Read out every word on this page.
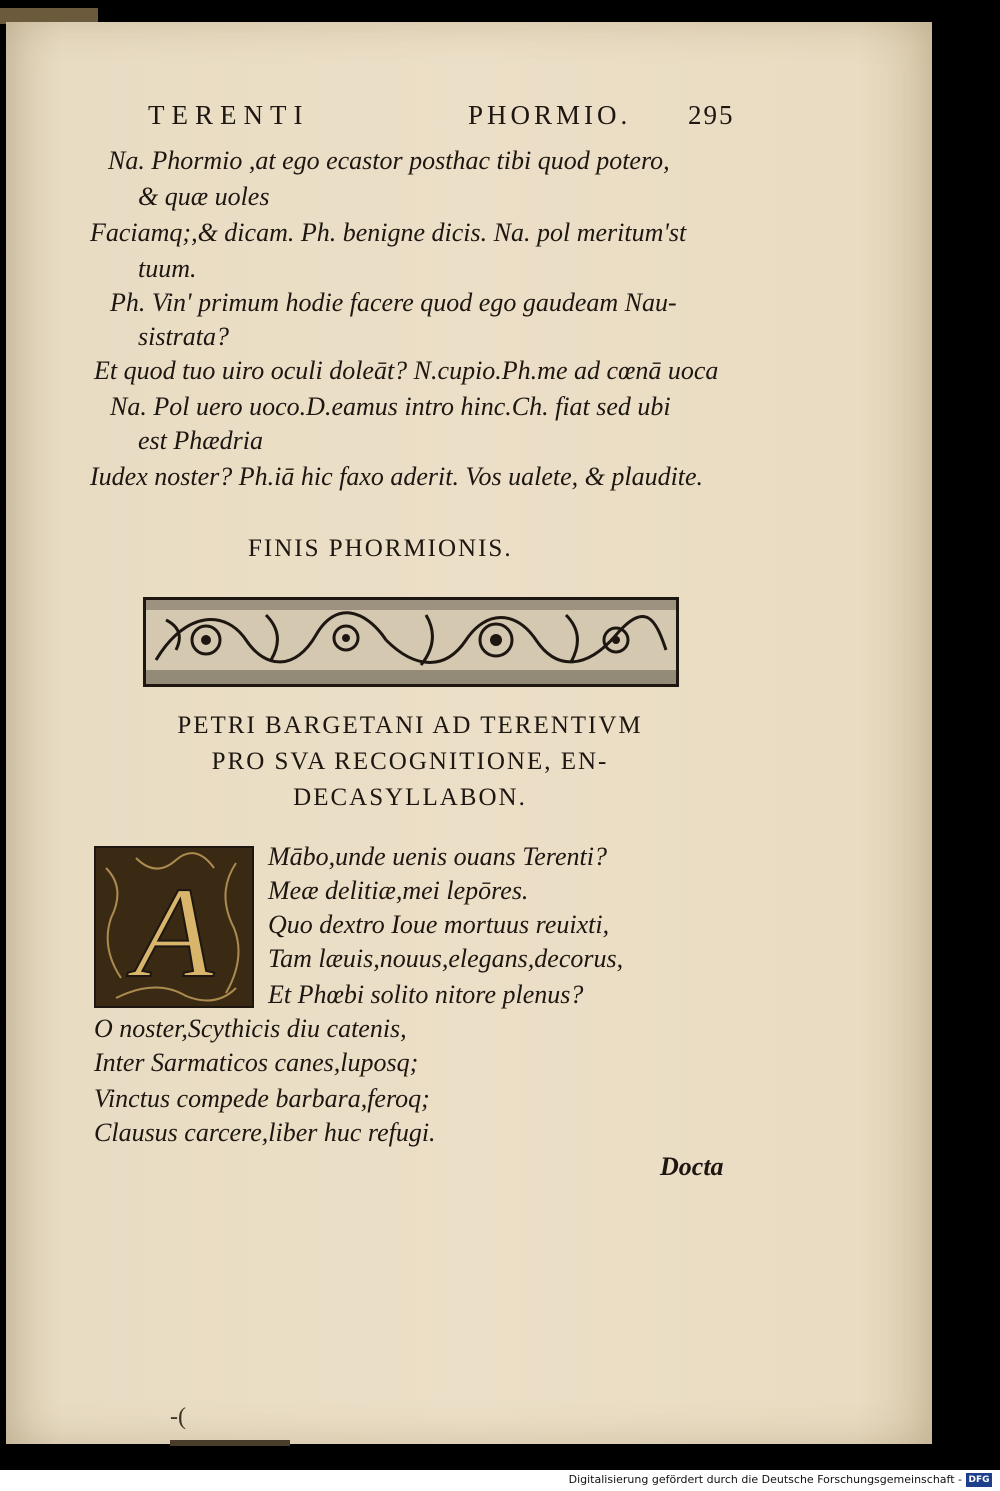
TERENTI	PHORMIO. 295
Na. Phormio ,at ego ecastor posthac tibi quod potero,
& quæ uoles
Faciamq;,& dicam. Ph. benigne dicis. Na. pol meritum'st
tuum.
Ph. Vin' primum hodie facere quod ego gaudeam Nau-
sistrata?
Et quod tuo uiro oculi doleāt? N.cupio.Ph.me ad cœnā uoca
Na. Pol uero uoco.D.eamus intro hinc.Ch. fiat sed ubi
est Phædria
Iudex noster? Ph.iā hic faxo aderit. Vos ualete, & plaudite.
FINIS PHORMIONIS.
PETRI BARGETANI AD TERENTIVM
PRO SVA RECOGNITIONE, EN-
DECASYLLABON.
A
Mābo,unde uenis ouans Terenti?
Meæ delitiæ,mei lepōres.
Quo dextro Ioue mortuus reuixti,
Tam læuis,nouus,elegans,decorus,
Et Phœbi solito nitore plenus?
O noster,Scythicis diu catenis,
Inter Sarmaticos canes,luposq;
Vinctus compede barbara,feroq;
Clausus carcere,liber huc refugi.
Docta
-(
Digitalisierung gefördert durch die Deutsche Forschungsgemeinschaft - DFG
